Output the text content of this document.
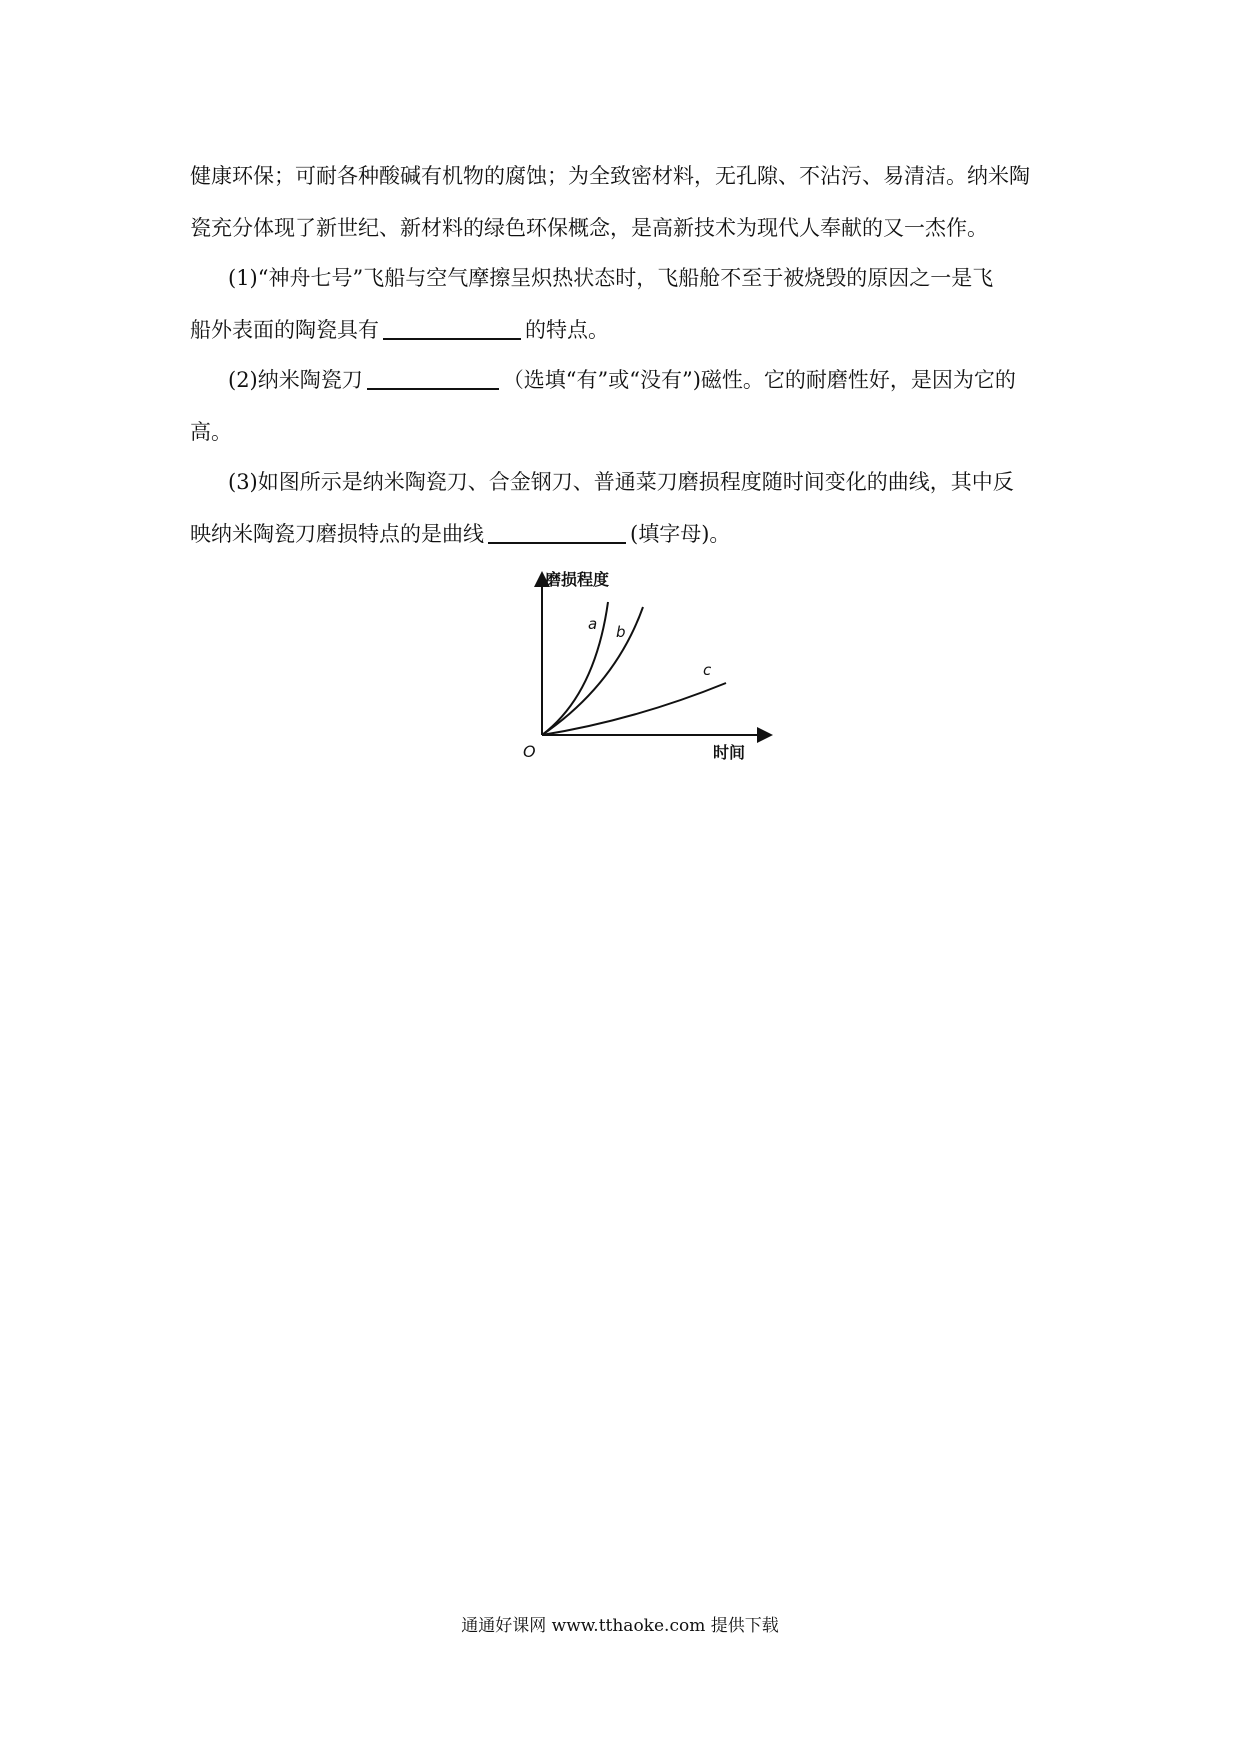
健康环保；可耐各种酸碱有机物的腐蚀；为全致密材料，无孔隙、不沾污、易清洁。纳米陶
瓷充分体现了新世纪、新材料的绿色环保概念，是高新技术为现代人奉献的又一杰作。
(1)“神舟七号”飞船与空气摩擦呈炽热状态时，飞船舱不至于被烧毁的原因之一是飞
船外表面的陶瓷具有	的特点。
(2)纳米陶瓷刀	（选填“有”或“没有”)磁性。它的耐磨性好，是因为它的
高。
(3)如图所示是纳米陶瓷刀、合金钢刀、普通菜刀磨损程度随时间变化的曲线，其中反
映纳米陶瓷刀磨损特点的是曲线	(填字母)。
磨损程度
时间
O
a b
c
通通好课网 www.tthaoke.com 提供下载
